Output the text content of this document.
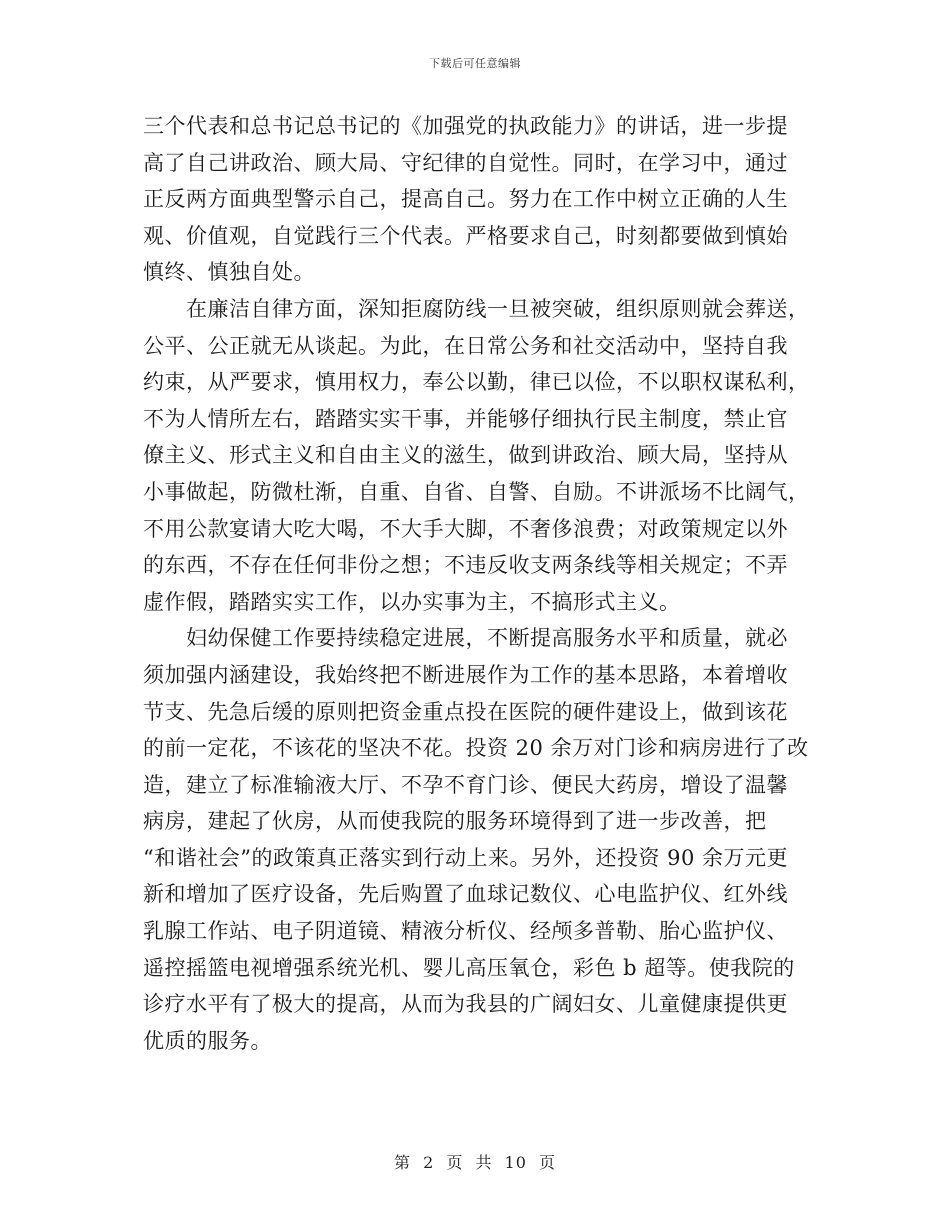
下载后可任意编辑
三个代表和总书记总书记的《加强党的执政能力》的讲话，进一步提
高了自己讲政治、顾大局、守纪律的自觉性。同时，在学习中，通过
正反两方面典型警示自己，提高自己。努力在工作中树立正确的人生
观、价值观，自觉践行三个代表。严格要求自己，时刻都要做到慎始
慎终、慎独自处。
在廉洁自律方面，深知拒腐防线一旦被突破，组织原则就会葬送，
公平、公正就无从谈起。为此，在日常公务和社交活动中，坚持自我
约束，从严要求，慎用权力，奉公以勤，律已以俭，不以职权谋私利，
不为人情所左右，踏踏实实干事，并能够仔细执行民主制度，禁止官
僚主义、形式主义和自由主义的滋生，做到讲政治、顾大局，坚持从
小事做起，防微杜渐，自重、自省、自警、自励。不讲派场不比阔气，
不用公款宴请大吃大喝，不大手大脚，不奢侈浪费；对政策规定以外
的东西，不存在任何非份之想；不违反收支两条线等相关规定；不弄
虚作假，踏踏实实工作，以办实事为主，不搞形式主义。
妇幼保健工作要持续稳定进展，不断提高服务水平和质量，就必
须加强内涵建设，我始终把不断进展作为工作的基本思路，本着增收
节支、先急后缓的原则把资金重点投在医院的硬件建设上，做到该花
的前一定花，不该花的坚决不花。投资 20 余万对门诊和病房进行了改
造，建立了标准输液大厅、不孕不育门诊、便民大药房，增设了温馨
病房，建起了伙房，从而使我院的服务环境得到了进一步改善，把
“和谐社会”的政策真正落实到行动上来。另外，还投资 90 余万元更
新和增加了医疗设备，先后购置了血球记数仪、心电监护仪、红外线
乳腺工作站、电子阴道镜、精液分析仪、经颅多普勒、胎心监护仪、
遥控摇篮电视增强系统光机、婴儿高压氧仓，彩色 b 超等。使我院的
诊疗水平有了极大的提高，从而为我县的广阔妇女、儿童健康提供更
优质的服务。
第 2 页 共 10 页
